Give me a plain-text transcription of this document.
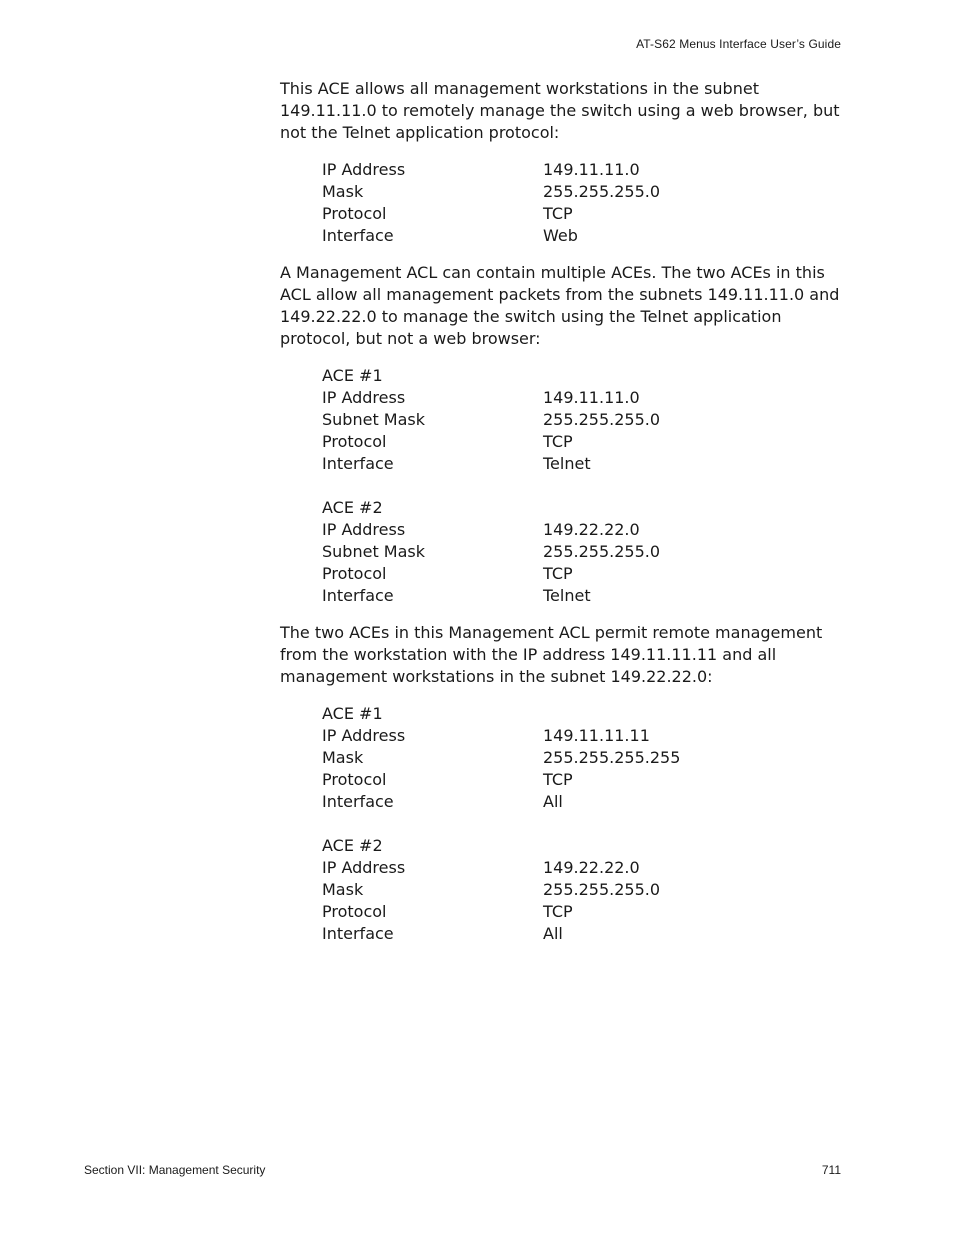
AT-S62 Menus Interface User’s Guide

This ACE allows all management workstations in the subnet 149.11.11.0 to remotely manage the switch using a web browser, but not the Telnet application protocol:

IP Address	149.11.11.0
Mask	255.255.255.0
Protocol	TCP
Interface	Web

A Management ACL can contain multiple ACEs. The two ACEs in this ACL allow all management packets from the subnets 149.11.11.0 and 149.22.22.0 to manage the switch using the Telnet application protocol, but not a web browser:

ACE #1
IP Address	149.11.11.0
Subnet Mask	255.255.255.0
Protocol	TCP
Interface	Telnet
ACE #2
IP Address	149.22.22.0
Subnet Mask	255.255.255.0
Protocol	TCP
Interface	Telnet

The two ACEs in this Management ACL permit remote management from the workstation with the IP address 149.11.11.11 and all management workstations in the subnet 149.22.22.0:

ACE #1
IP Address	149.11.11.11
Mask	255.255.255.255
Protocol	TCP
Interface	All
ACE #2
IP Address	149.22.22.0
Mask	255.255.255.0
Protocol	TCP
Interface	All
Section VII: Management Security	711
